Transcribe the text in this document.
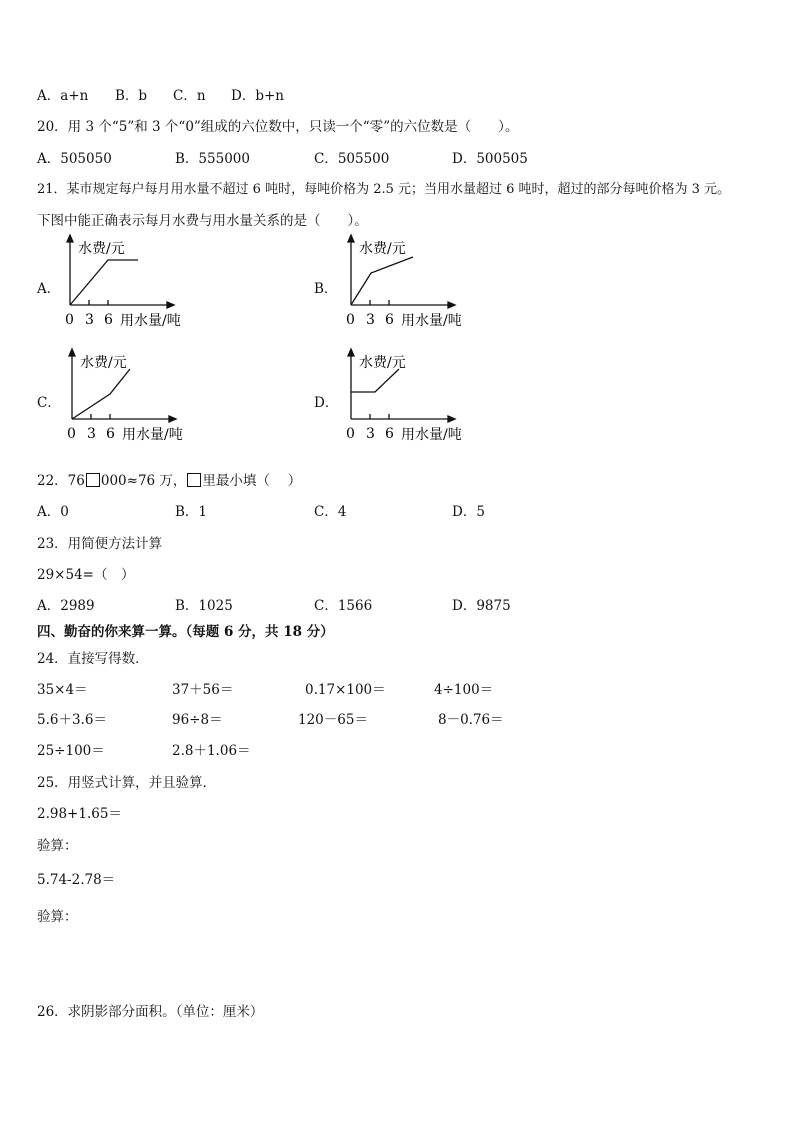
A．a+n B．b C．n D．b+n
20．用 3 个“5”和 3 个“0”组成的六位数中，只读一个“零”的六位数是（　　）。
A．505050	B．555000	C．505500	D．500505
21．某市规定每户每月用水量不超过 6 吨时，每吨价格为 2.5 元；当用水量超过 6 吨时，超过的部分每吨价格为 3 元。
下图中能正确表示每月水费与用水量关系的是（　　）。
A．
水费/元
0 3 6 用水量/吨
B．
水费/元
0 3 6 用水量/吨
C．
水费/元
0 3 6 用水量/吨
D．
水费/元
0 3 6 用水量/吨
22．76 000≈76 万， 里最小填（　 ）
A．0	B．1	C．4	D．5
23．用简便方法计算
29×54=（　）
A．2989	B．1025	C．1566	D．9875
四、勤奋的你来算一算。（每题 6 分，共 18 分）
24．直接写得数．
35×4＝	37＋56＝	0.17×100＝	4÷100＝
5.6＋3.6＝	96÷8＝	120－65＝	8－0.76＝
25÷100＝	2.8＋1.06＝
25．用竖式计算，并且验算．
2.98+1.65＝
验算：
5.74-2.78＝
验算：
26．求阴影部分面积。（单位：厘米）
